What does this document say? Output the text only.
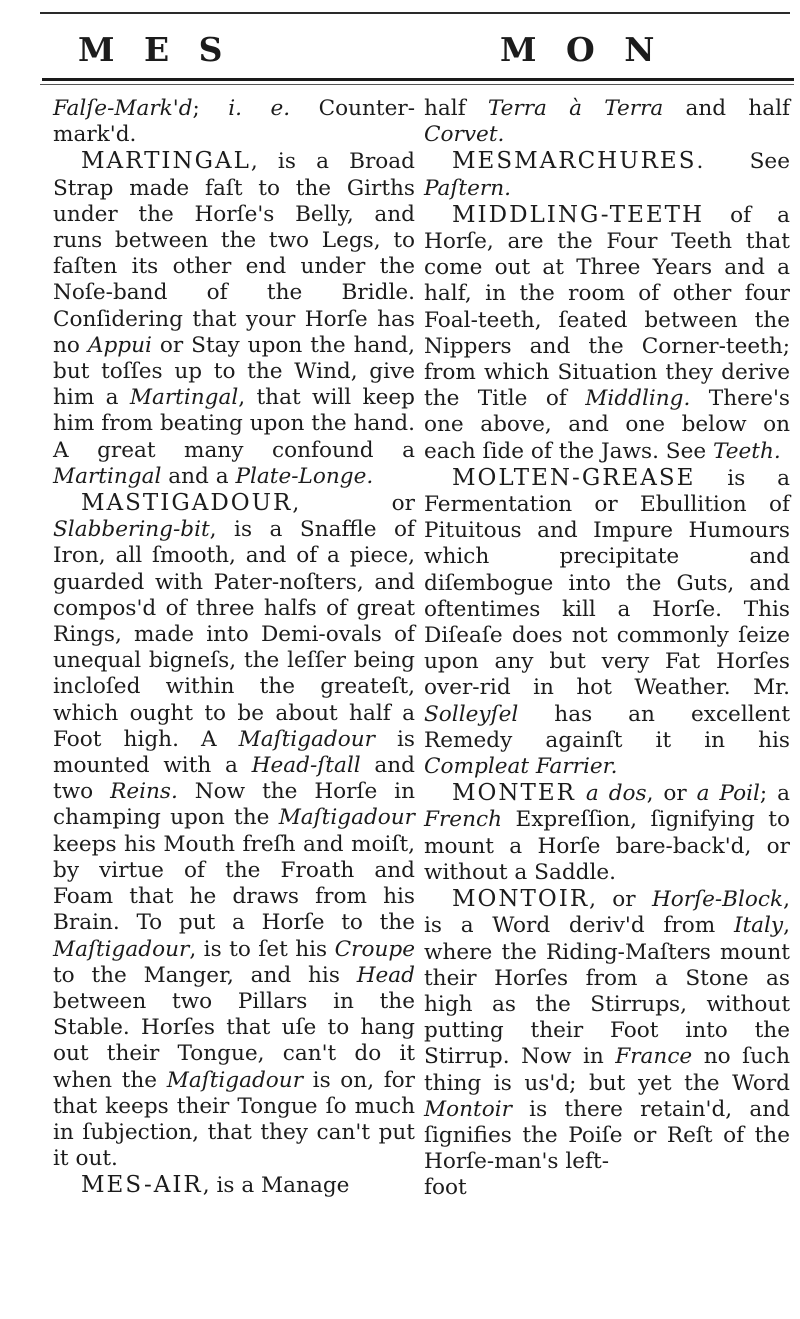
M E S	M O N

Falſe-Mark'd; i. e. Counter-mark'd.

MARTINGAL, is a Broad Strap made faſt to the Girths under the Horſe's Belly, and runs between the two Legs, to faſten its other end under the Noſe-band of the Bridle. Conſidering that your Horſe has no Appui or Stay upon the hand, but toſſes up to the Wind, give him a Martingal, that will keep him from beating upon the hand. A great many confound a Martingal and a Plate-Longe.

MASTIGADOUR, or Slabbering-bit, is a Snaffle of Iron, all ſmooth, and of a piece, guarded with Pater-noſters, and compos'd of three halfs of great Rings, made into Demi-ovals of unequal bigneſs, the leſſer being incloſed within the greateſt, which ought to be about half a Foot high. A Maſtigadour is mounted with a Head-ſtall and two Reins. Now the Horſe in champing upon the Maſtigadour keeps his Mouth freſh and moiſt, by virtue of the Froath and Foam that he draws from his Brain. To put a Horſe to the Maſtigadour, is to ſet his Croupe to the Manger, and his Head between two Pillars in the Stable. Horſes that uſe to hang out their Tongue, can't do it when the Maſtigadour is on, for that keeps their Tongue ſo much in ſubjection, that they can't put it out.

MES-AIR, is a Manage

half Terra à Terra and half Corvet.

MESMARCHURES. See Paſtern.

MIDDLING-TEETH of a Horſe, are the Four Teeth that come out at Three Years and a half, in the room of other four Foal-teeth, ſeated between the Nippers and the Corner-teeth; from which Situation they derive the Title of Middling. There's one above, and one below on each ſide of the Jaws. See Teeth.

MOLTEN-GREASE is a Fermentation or Ebullition of Pituitous and Impure Humours which precipitate and diſembogue into the Guts, and oftentimes kill a Horſe. This Diſeaſe does not commonly ſeize upon any but very Fat Horſes over-rid in hot Weather. Mr. Solleyſel has an excellent Remedy againſt it in his Compleat Farrier.

MONTER a dos, or a Poil; a French Expreſſion, ſignifying to mount a Horſe bare-back'd, or without a Saddle.

MONTOIR, or Horſe-Block, is a Word deriv'd from Italy, where the Riding-Maſters mount their Horſes from a Stone as high as the Stirrups, without putting their Foot into the Stirrup. Now in France no ſuch thing is us'd; but yet the Word Montoir is there retain'd, and ſignifies the Poiſe or Reſt of the Horſe-man's left-

foot
